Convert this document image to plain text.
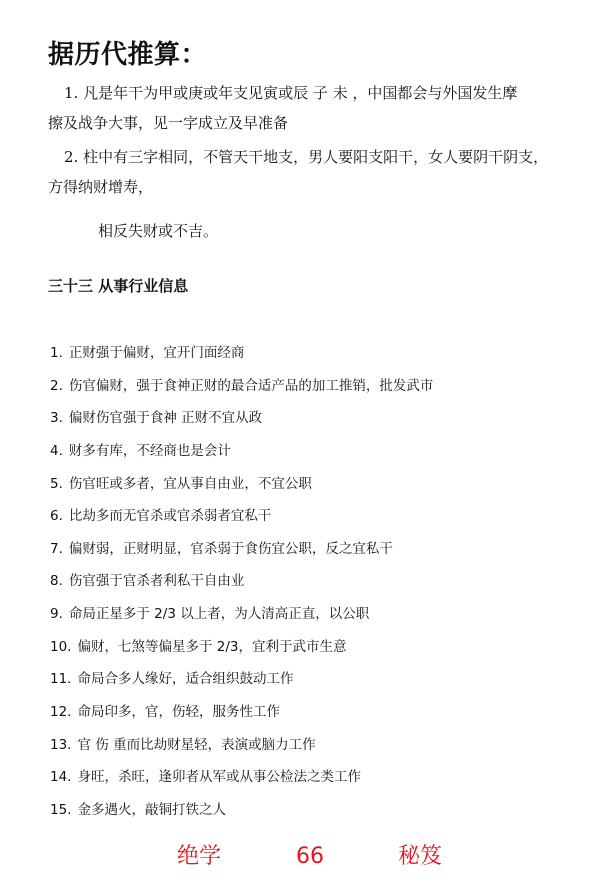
据历代推算：

1. 凡是年干为甲或庚或年支见寅或辰 子 未 ，中国都会与外国发生摩

擦及战争大事，见一字成立及早准备

2. 柱中有三字相同，不管天干地支，男人要阳支阳干，女人要阴干阴支，

方得纳财增寿，

相反失财或不吉。

三十三 从事行业信息
1. 正财强于偏财，宜开门面经商
2. 伤官偏财，强于食神正财的最合适产品的加工推销，批发武市
3. 偏财伤官强于食神 正财不宜从政
4. 财多有库，不经商也是会计
5. 伤官旺或多者，宜从事自由业，不宜公职
6. 比劫多而无官杀或官杀弱者宜私干
7. 偏财弱，正财明显，官杀弱于食伤宜公职，反之宜私干
8. 伤官强于官杀者利私干自由业
9. 命局正星多于 2/3 以上者，为人清高正直，以公职
10. 偏财，七煞等偏星多于 2/3，宜利于武市生意
11. 命局合多人缘好，适合组织鼓动工作
12. 命局印多，官，伤轻，服务性工作
13. 官 伤 重而比劫财星轻，表演或脑力工作
14. 身旺，杀旺，逢卯者从军或从事公检法之类工作
15. 金多遇火，敲铜打铁之人
绝学	66	秘笈
